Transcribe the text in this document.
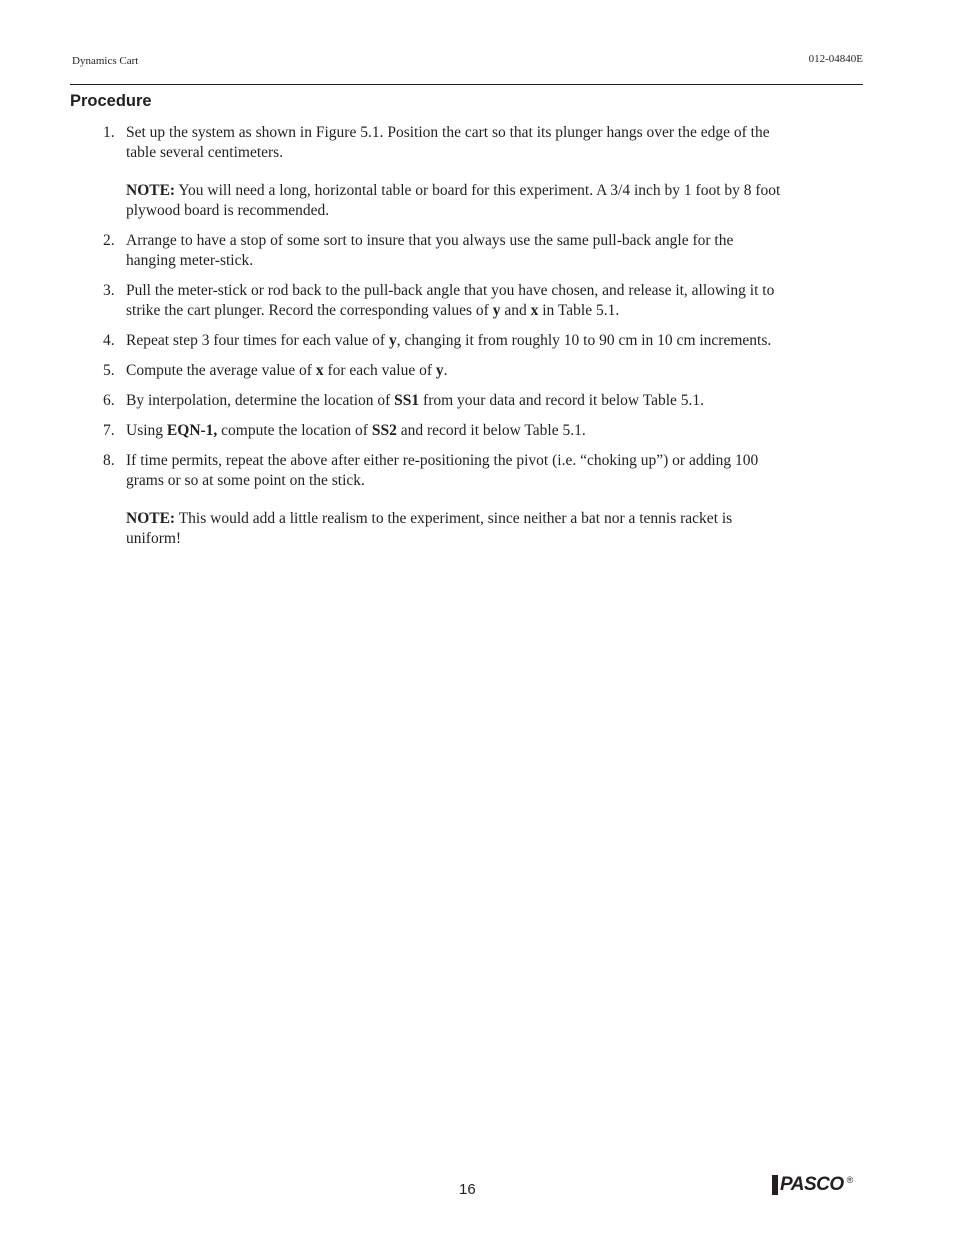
Dynamics Cart	012-04840E
Procedure
1. Set up the system as shown in Figure 5.1. Position the cart so that its plunger hangs over the edge of the table several centimeters.
NOTE: You will need a long, horizontal table or board for this experiment. A 3/4 inch by 1 foot by 8 foot plywood board is recommended.
2. Arrange to have a stop of some sort to insure that you always use the same pull-back angle for the hanging meter-stick.
3. Pull the meter-stick or rod back to the pull-back angle that you have chosen, and release it, allowing it to strike the cart plunger. Record the corresponding values of y and x in Table 5.1.
4. Repeat step 3 four times for each value of y, changing it from roughly 10 to 90 cm in 10 cm increments.
5. Compute the average value of x for each value of y.
6. By interpolation, determine the location of SS1 from your data and record it below Table 5.1.
7. Using EQN-1, compute the location of SS2 and record it below Table 5.1.
8. If time permits, repeat the above after either re-positioning the pivot (i.e. “choking up”) or adding 100 grams or so at some point on the stick.
NOTE: This would add a little realism to the experiment, since neither a bat nor a tennis racket is uniform!
16	PASCO ®
